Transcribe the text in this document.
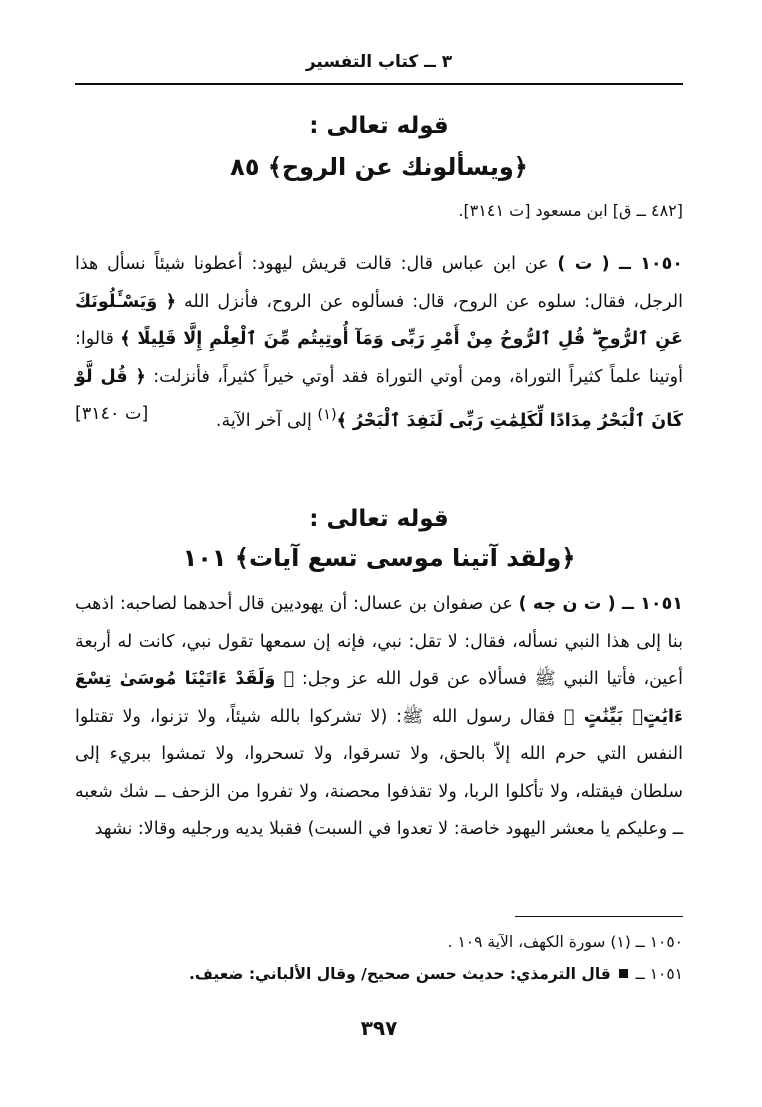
٣ ــ كتاب التفسير
قوله تعالى :
﴿ويسألونك عن الروح﴾ ٨٥
[٤٨٢ ــ ق] ابن مسعود [ت ٣١٤١].
١٠٥٠ ــ ( ت ) عن ابن عباس قال: قالت قريش ليهود: أعطونا شيئاً نسأل هذا الرجل، فقال: سلوه عن الروح، قال: فسألوه عن الروح، فأنزل الله ﴿ وَيَسْـَٔلُونَكَ عَنِ ٱلرُّوحِ ۖ قُلِ ٱلرُّوحُ مِنْ أَمْرِ رَبِّى وَمَآ أُوتِيتُم مِّنَ ٱلْعِلْمِ إِلَّا قَلِيلًا ﴾ قالوا: أوتينا علماً كثيراً التوراة، ومن أوتي التوراة فقد أوتي خيراً كثيراً، فأنزلت: ﴿ قُل لَّوْ كَانَ ٱلْبَحْرُ مِدَادًا لِّكَلِمَٰتِ رَبِّى لَنَفِدَ ٱلْبَحْرُ ﴾$^{(١)}$ إلى آخر الآية.
[ت ٣١٤٠]
قوله تعالى :
﴿ولقد آتينا موسى تسع آيات﴾ ١٠١
١٠٥١ ــ ( ت ن جه ) عن صفوان بن عسال: أن يهوديين قال أحدهما لصاحبه: اذهب بنا إلى هذا النبي نسأله، فقال: لا تقل: نبي، فإنه إن سمعها تقول نبي، كانت له أربعة أعين، فأتيا النبي ﷺ فسألاه عن قول الله عز وجل: ﴿ وَلَقَدْ ءَاتَيْنَا مُوسَىٰ تِسْعَ ءَايَٰتٍۭ بَيِّنَٰتٍ ﴾ فقال رسول الله ﷺ: (لا تشركوا بالله شيئاً، ولا تزنوا، ولا تقتلوا النفس التي حرم الله إلاّ بالحق، ولا تسرقوا، ولا تسحروا، ولا تمشوا ببريء إلى سلطان فيقتله، ولا تأكلوا الربا، ولا تقذفوا محصنة، ولا تفروا من الزحف ــ شك شعبه ــ وعليكم يا معشر اليهود خاصة: لا تعدوا في السبت) فقبلا يديه ورجليه وقالا: نشهد
١٠٥٠ ــ (١) سورة الكهف، الآية ١٠٩ .
١٠٥١ ــ  قال الترمذي: حديث حسن صحيح/ وقال الألباني: ضعيف.
٣٩٧
